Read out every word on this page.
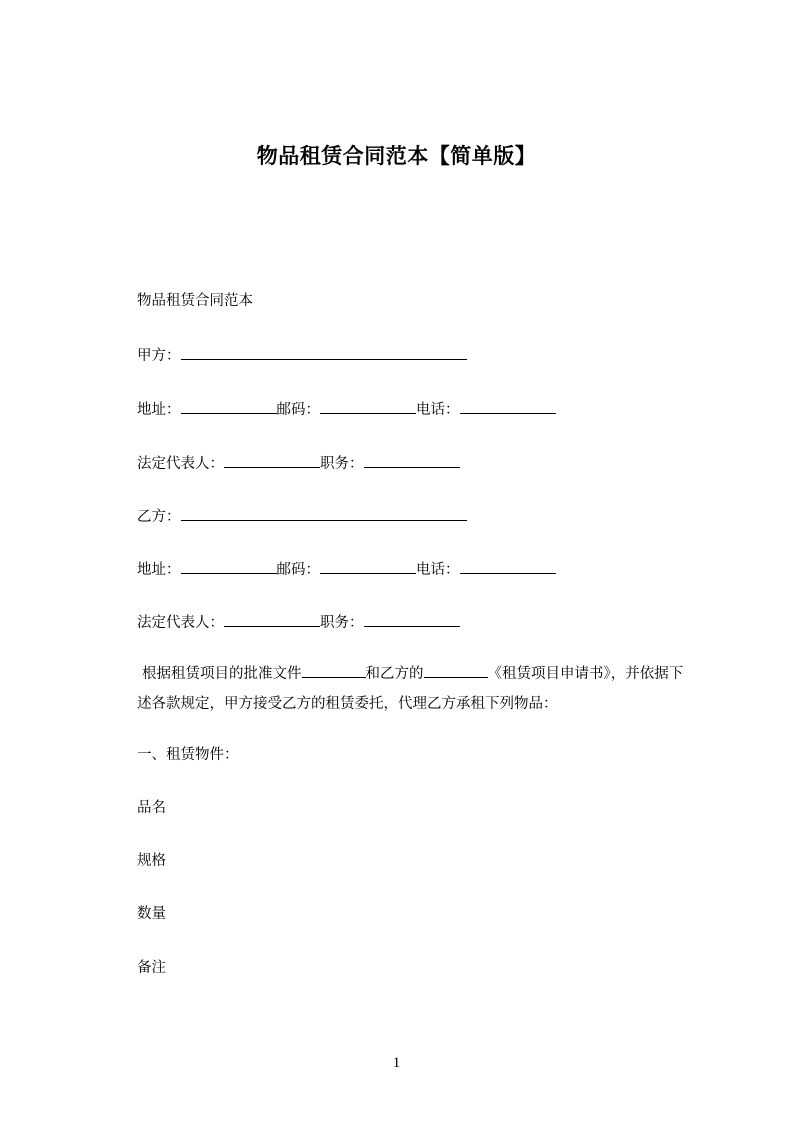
物品租赁合同范本【简单版】
物品租赁合同范本
甲方：
地址：	邮码：	电话：
法定代表人：	职务：
乙方：
地址：	邮码：	电话：
法定代表人：	职务：
根据租赁项目的批准文件	和乙方的	《租赁项目申请书》，并依据下述各款规定，甲方接受乙方的租赁委托，代理乙方承租下列物品：
一、租赁物件：
品名
规格
数量
备注
1
